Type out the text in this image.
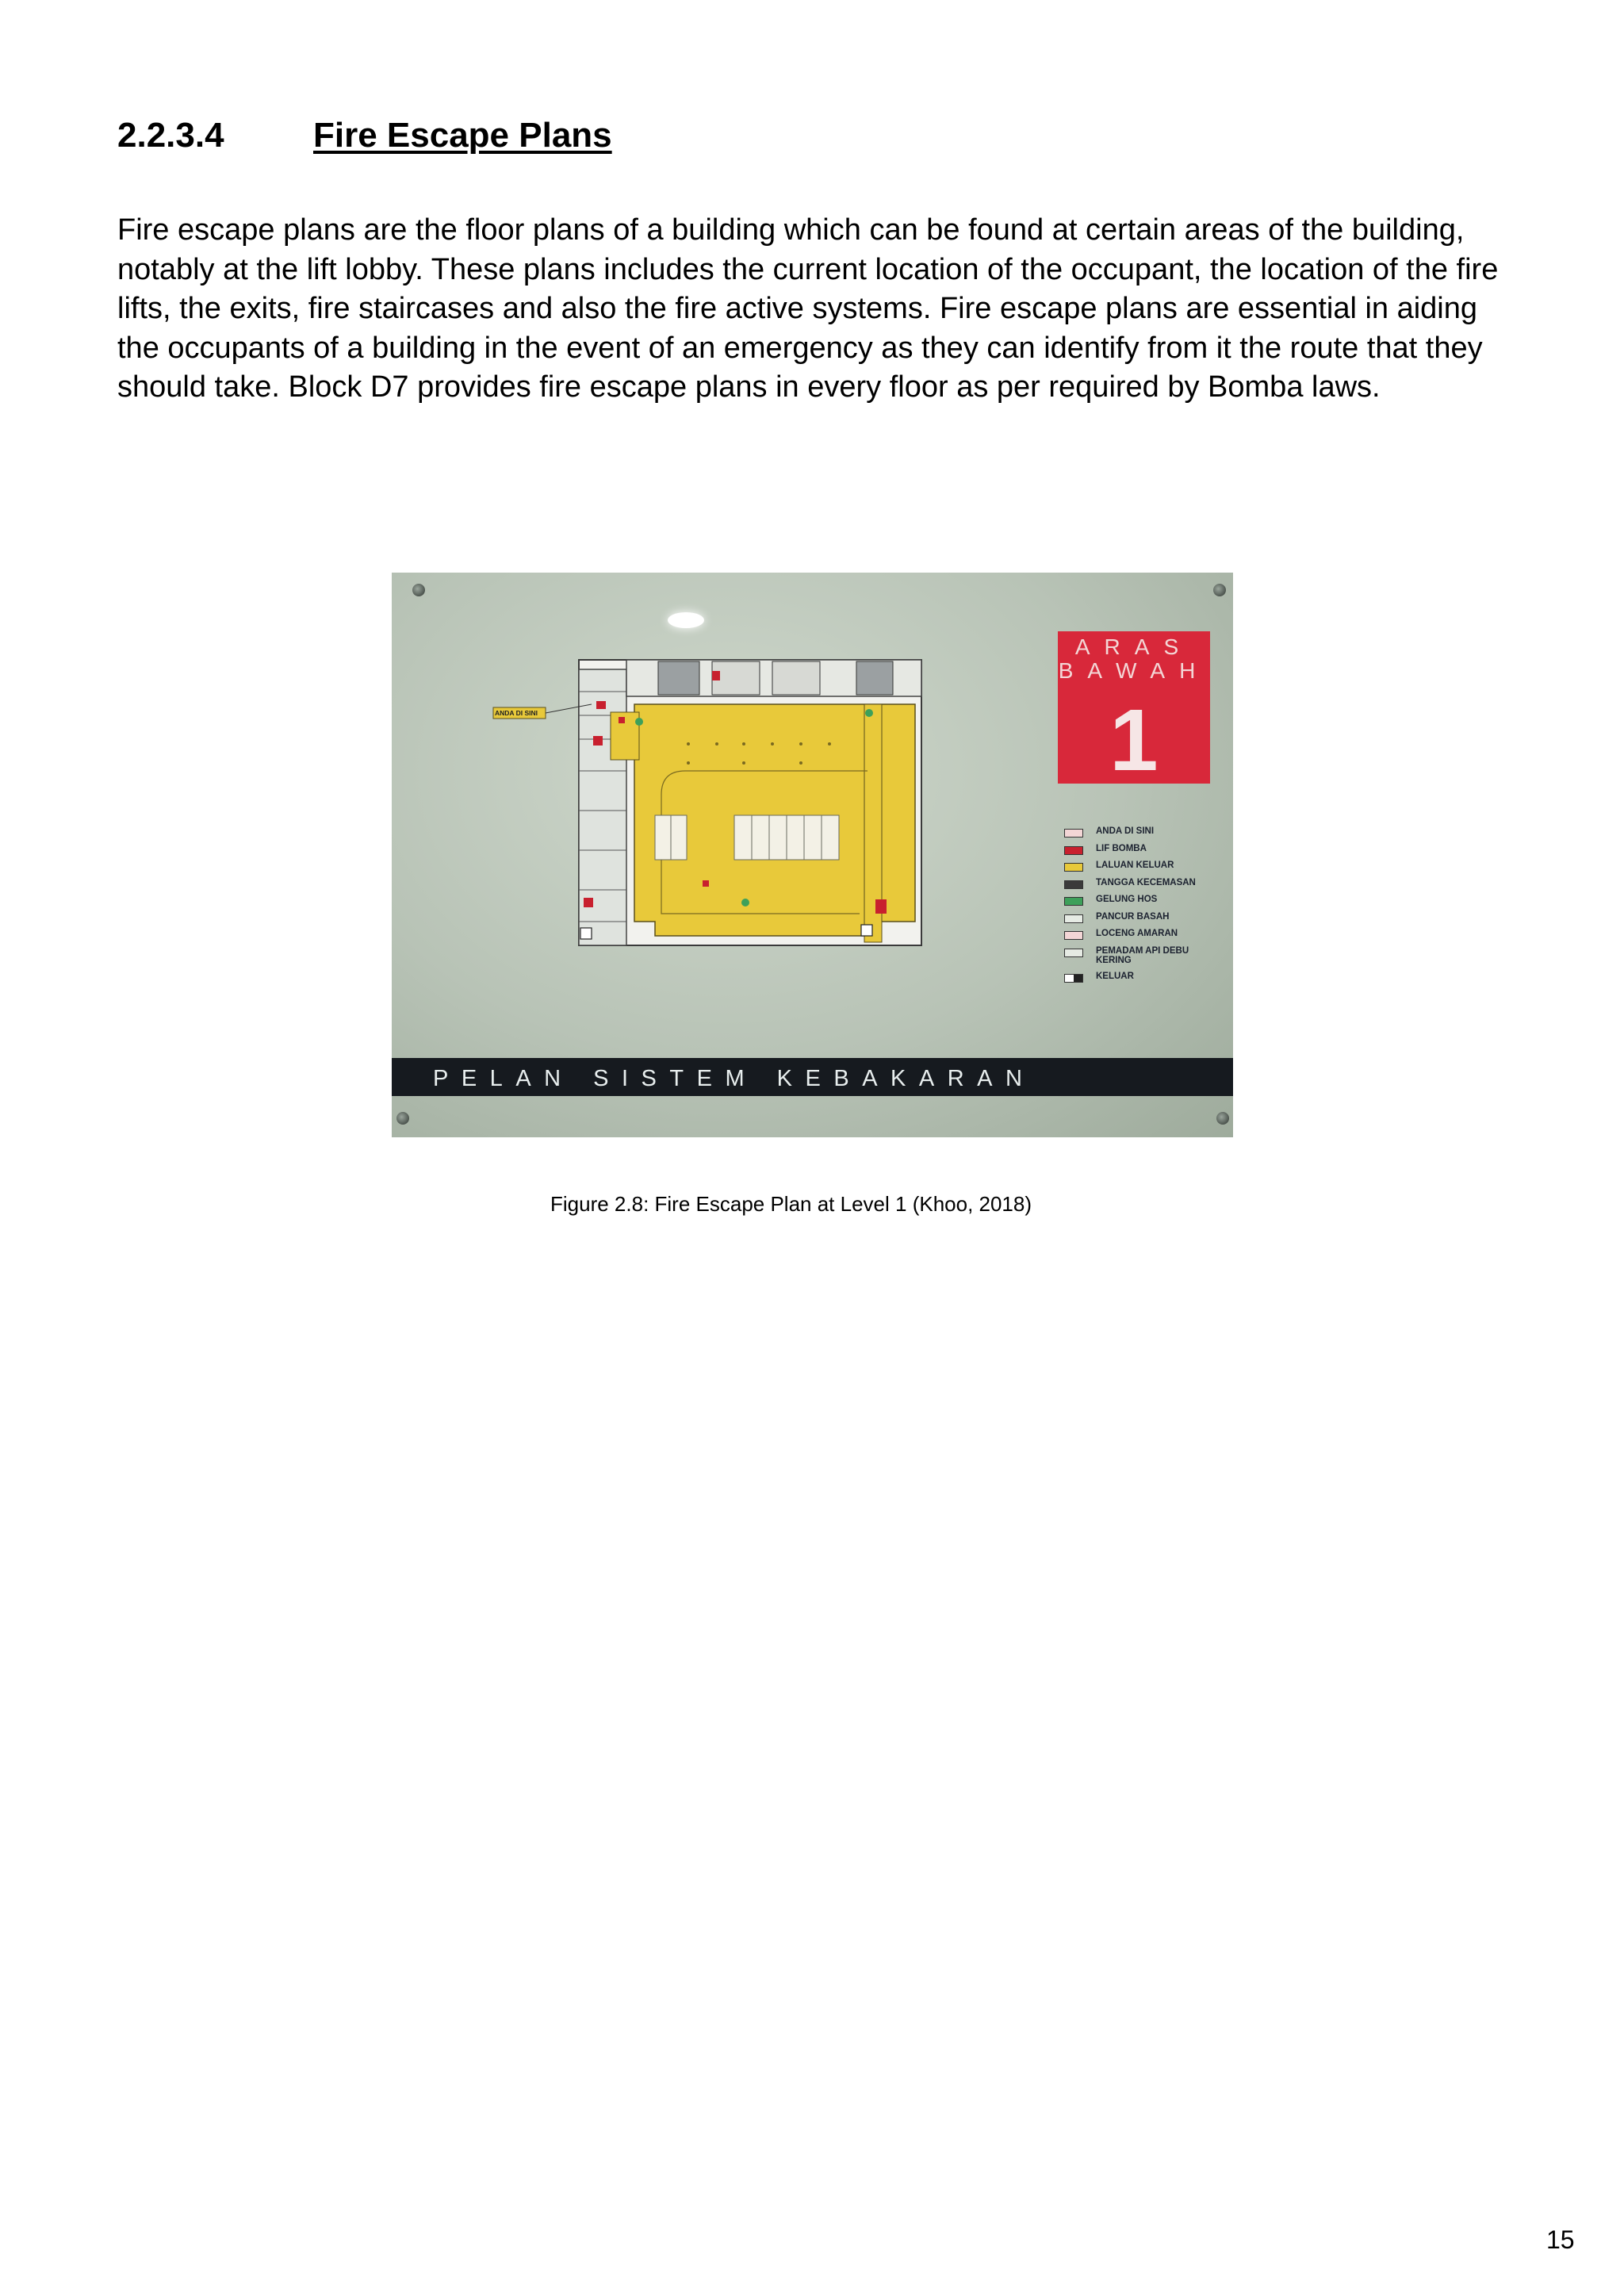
2.2.3.4	Fire Escape Plans
Fire escape plans are the floor plans of a building which can be found at certain areas of the building, notably at the lift lobby. These plans includes the current location of the occupant, the location of the fire lifts, the exits, fire staircases and also the fire active systems. Fire escape plans are essential in aiding the occupants of a building in the event of an emergency as they can identify from it the route that they should take. Block D7 provides fire escape plans in every floor as per required by Bomba laws.
ANDA DI SINI
ARAS
BAWAH
1
ANDA DI SINI
LIF BOMBA
LALUAN KELUAR
TANGGA KECEMASAN
GELUNG HOS
PANCUR BASAH
LOCENG AMARAN
PEMADAM API DEBU KERING
KELUAR
PELAN SISTEM KEBAKARAN
Figure 2.8: Fire Escape Plan at Level 1 (Khoo, 2018)
15
